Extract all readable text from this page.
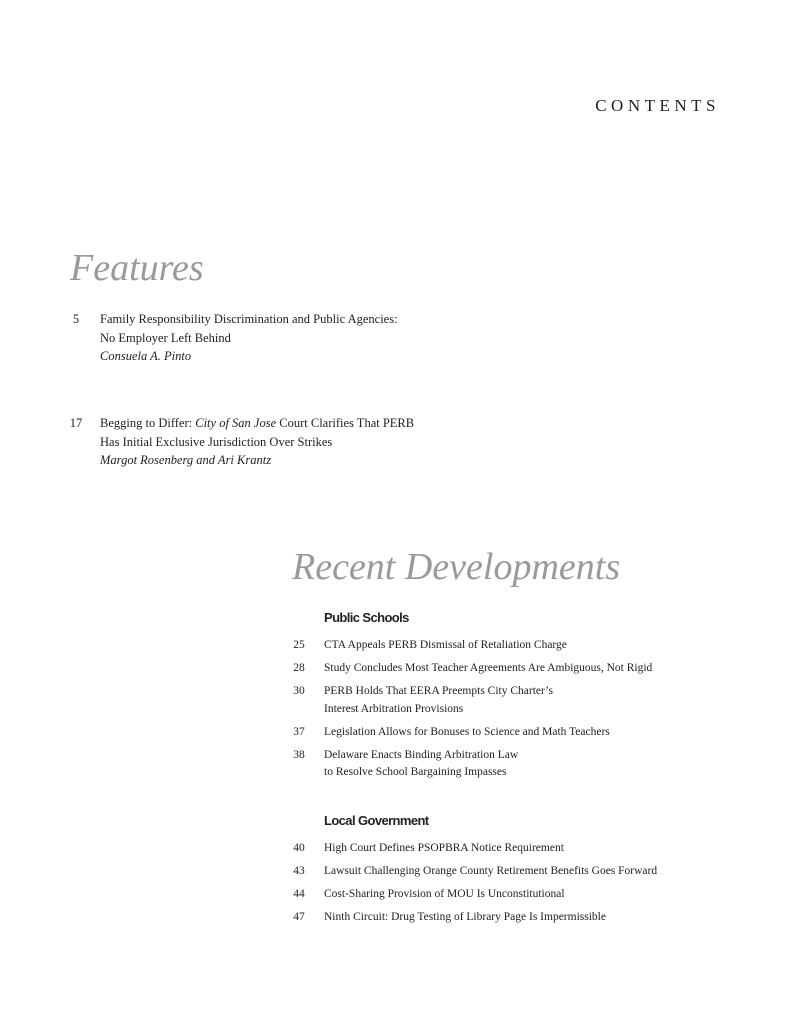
CONTENTS
Features
5	Family Responsibility Discrimination and Public Agencies:
No Employer Left Behind
Consuela A. Pinto
17	Begging to Differ: City of San Jose Court Clarifies That PERB
Has Initial Exclusive Jurisdiction Over Strikes
Margot Rosenberg and Ari Krantz
Recent Developments
Public Schools
25	CTA Appeals PERB Dismissal of Retaliation Charge
28	Study Concludes Most Teacher Agreements Are Ambiguous, Not Rigid
30	PERB Holds That EERA Preempts City Charter’s
Interest Arbitration Provisions
37	Legislation Allows for Bonuses to Science and Math Teachers
38	Delaware Enacts Binding Arbitration Law
to Resolve School Bargaining Impasses
Local Government
40	High Court Defines PSOPBRA Notice Requirement
43	Lawsuit Challenging Orange County Retirement Benefits Goes Forward
44	Cost-Sharing Provision of MOU Is Unconstitutional
47	Ninth Circuit: Drug Testing of Library Page Is Impermissible
